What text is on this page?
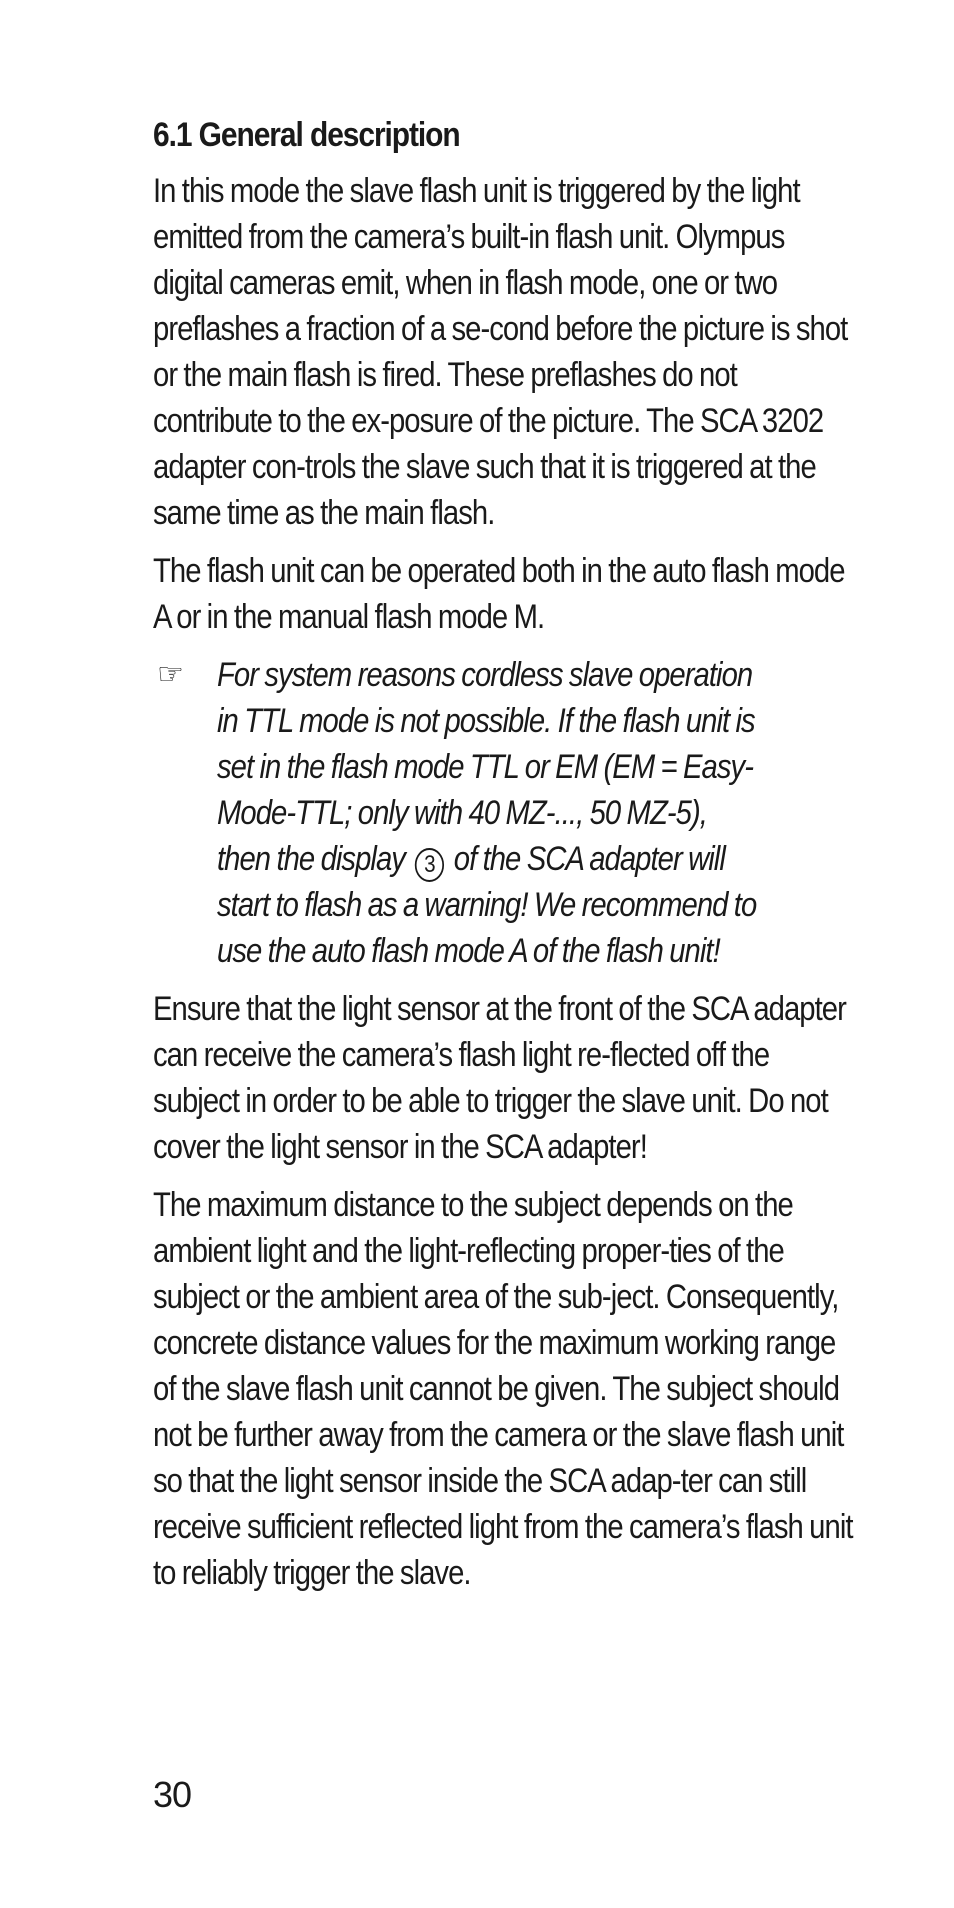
6.1 General description

In this mode the slave flash unit is triggered by the light emitted from the camera’s built-in flash unit. Olympus digital cameras emit, when in flash mode, one or two preflashes a fraction of a se-cond before the picture is shot or the main flash is fired. These preflashes do not contribute to the ex-posure of the picture. The SCA 3202 adapter con-trols the slave such that it is triggered at the same time as the main flash.

The flash unit can be operated both in the auto flash mode A or in the manual flash mode M.

☞ For system reasons cordless slave operation in TTL mode is not possible. If the flash unit is set in the flash mode TTL or EM (EM = Easy-Mode-TTL; only with 40 MZ-..., 50 MZ-5), then the display 3 of the SCA adapter will start to flash as a warning! We recommend to use the auto flash mode A of the flash unit!

Ensure that the light sensor at the front of the SCA adapter can receive the camera’s flash light re-flected off the subject in order to be able to trigger the slave unit. Do not cover the light sensor in the SCA adapter!

The maximum distance to the subject depends on the ambient light and the light-reflecting proper-ties of the subject or the ambient area of the sub-ject. Consequently, concrete distance values for the maximum working range of the slave flash unit cannot be given. The subject should not be further away from the camera or the slave flash unit so that the light sensor inside the SCA adap-ter can still receive sufficient reflected light from the camera’s flash unit to reliably trigger the slave.

30
